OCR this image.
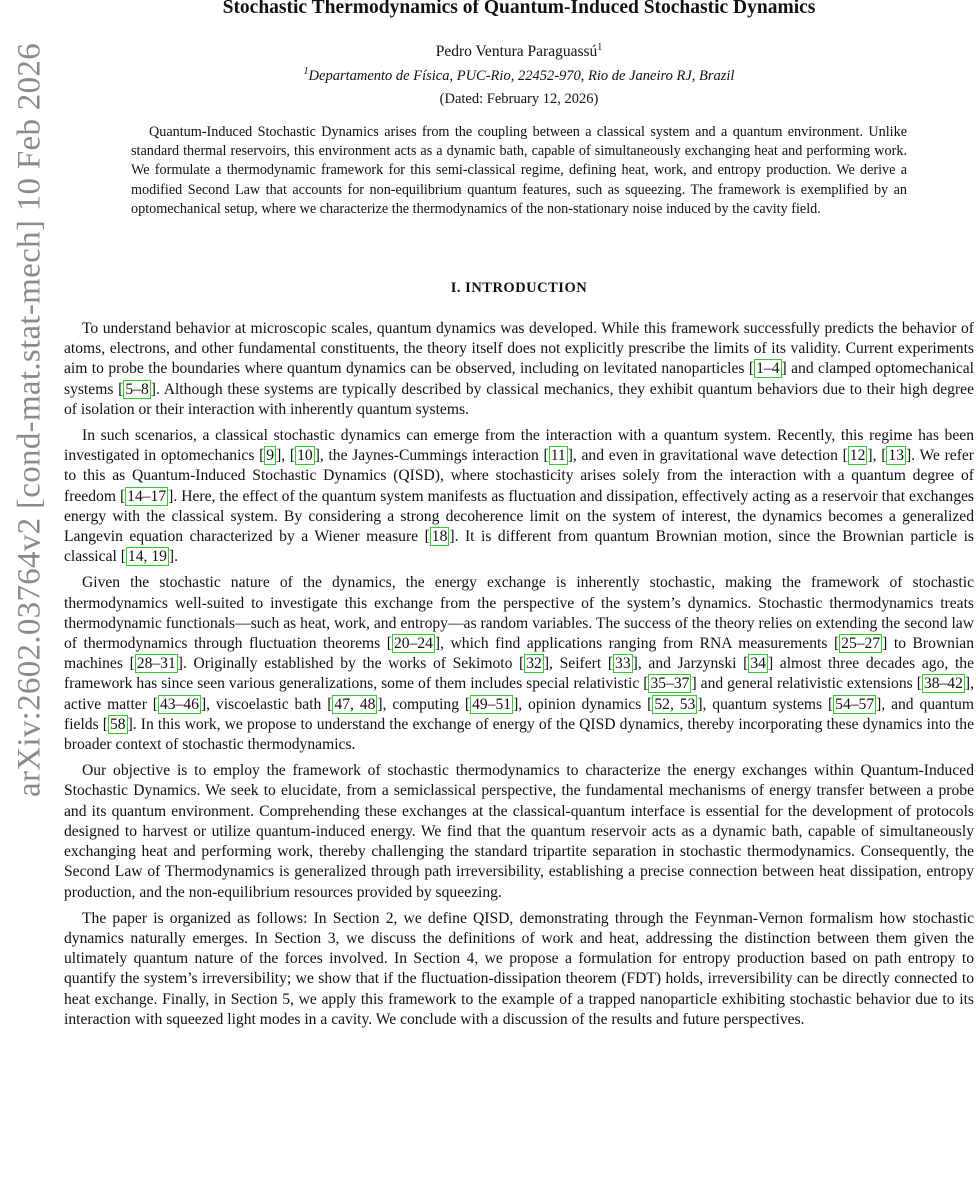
arXiv:2602.03764v2 [cond-mat.stat-mech] 10 Feb 2026
Stochastic Thermodynamics of Quantum-Induced Stochastic Dynamics
Pedro Ventura Paraguassú$^1$
$^1$Departamento de Física, PUC-Rio, 22452-970, Rio de Janeiro RJ, Brazil
(Dated: February 12, 2026)
Quantum-Induced Stochastic Dynamics arises from the coupling between a classical system and a quantum environment. Unlike standard thermal reservoirs, this environment acts as a dynamic bath, capable of simultaneously exchanging heat and performing work. We formulate a thermodynamic framework for this semi-classical regime, defining heat, work, and entropy production. We derive a modified Second Law that accounts for non-equilibrium quantum features, such as squeezing. The framework is exemplified by an optomechanical setup, where we characterize the thermodynamics of the non-stationary noise induced by the cavity field.
I. INTRODUCTION

To understand behavior at microscopic scales, quantum dynamics was developed. While this framework successfully predicts the behavior of atoms, electrons, and other fundamental constituents, the theory itself does not explicitly prescribe the limits of its validity. Current experiments aim to probe the boundaries where quantum dynamics can be observed, including on levitated nanoparticles [ 1–4 ] and clamped optomechanical systems [ 5–8 ]. Although these systems are typically described by classical mechanics, they exhibit quantum behaviors due to their high degree of isolation or their interaction with inherently quantum systems.

In such scenarios, a classical stochastic dynamics can emerge from the interaction with a quantum system. Recently, this regime has been investigated in optomechanics [ 9 ], [ 10 ], the Jaynes-Cummings interaction [ 11 ], and even in gravitational wave detection [ 12 ], [ 13 ]. We refer to this as Quantum-Induced Stochastic Dynamics (QISD), where stochasticity arises solely from the interaction with a quantum degree of freedom [ 14–17 ]. Here, the effect of the quantum system manifests as fluctuation and dissipation, effectively acting as a reservoir that exchanges energy with the classical system. By considering a strong decoherence limit on the system of interest, the dynamics becomes a generalized Langevin equation characterized by a Wiener measure [ 18 ]. It is different from quantum Brownian motion, since the Brownian particle is classical [ 14, 19 ].

Given the stochastic nature of the dynamics, the energy exchange is inherently stochastic, making the framework of stochastic thermodynamics well-suited to investigate this exchange from the perspective of the system’s dynamics. Stochastic thermodynamics treats thermodynamic functionals—such as heat, work, and entropy—as random variables. The success of the theory relies on extending the second law of thermodynamics through fluctuation theorems [ 20–24 ], which find applications ranging from RNA measurements [ 25–27 ] to Brownian machines [ 28–31 ]. Originally established by the works of Sekimoto [ 32 ], Seifert [ 33 ], and Jarzynski [ 34 ] almost three decades ago, the framework has since seen various generalizations, some of them includes special relativistic [ 35–37 ] and general relativistic extensions [ 38–42 ], active matter [ 43–46 ], viscoelastic bath [ 47, 48 ], computing [ 49–51 ], opinion dynamics [ 52, 53 ], quantum systems [ 54–57 ], and quantum fields [ 58 ]. In this work, we propose to understand the exchange of energy of the QISD dynamics, thereby incorporating these dynamics into the broader context of stochastic thermodynamics.

Our objective is to employ the framework of stochastic thermodynamics to characterize the energy exchanges within Quantum-Induced Stochastic Dynamics. We seek to elucidate, from a semiclassical perspective, the fundamental mechanisms of energy transfer between a probe and its quantum environment. Comprehending these exchanges at the classical-quantum interface is essential for the development of protocols designed to harvest or utilize quantum-induced energy. We find that the quantum reservoir acts as a dynamic bath, capable of simultaneously exchanging heat and performing work, thereby challenging the standard tripartite separation in stochastic thermodynamics. Consequently, the Second Law of Thermodynamics is generalized through path irreversibility, establishing a precise connection between heat dissipation, entropy production, and the non-equilibrium resources provided by squeezing.

The paper is organized as follows: In Section 2, we define QISD, demonstrating through the Feynman-Vernon formalism how stochastic dynamics naturally emerges. In Section 3, we discuss the definitions of work and heat, addressing the distinction between them given the ultimately quantum nature of the forces involved. In Section 4, we propose a formulation for entropy production based on path entropy to quantify the system’s irreversibility; we show that if the fluctuation-dissipation theorem (FDT) holds, irreversibility can be directly connected to heat exchange. Finally, in Section 5, we apply this framework to the example of a trapped nanoparticle exhibiting stochastic behavior due to its interaction with squeezed light modes in a cavity. We conclude with a discussion of the results and future perspectives.
